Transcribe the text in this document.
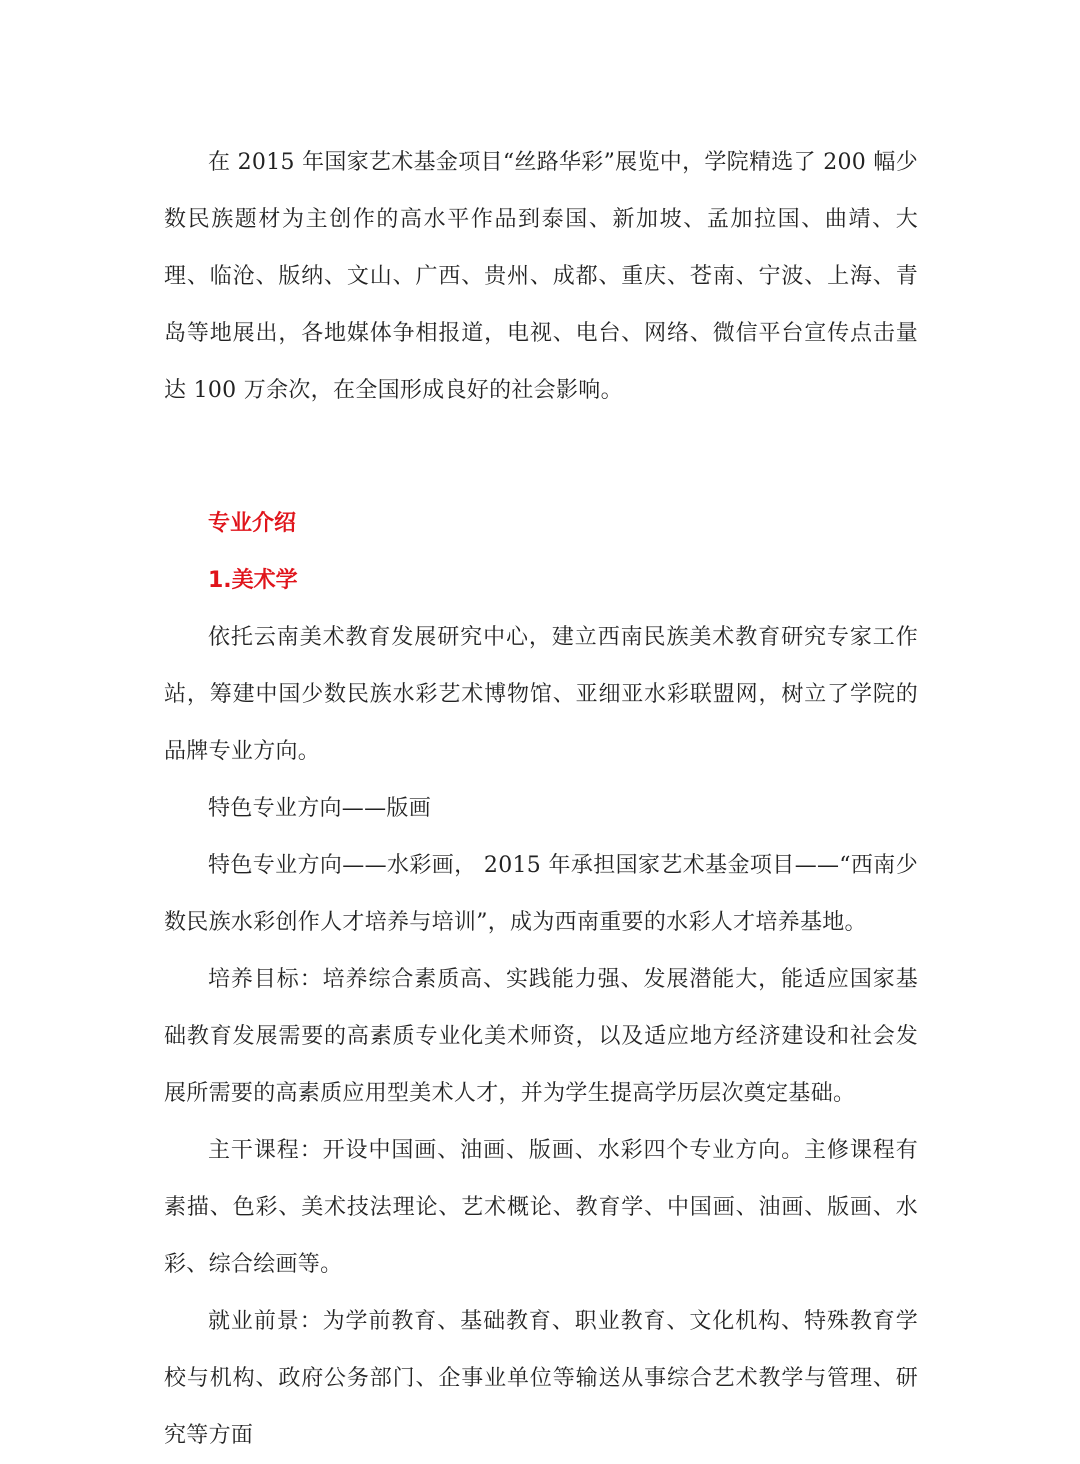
在 2015 年国家艺术基金项目“丝路华彩”展览中，学院精选了 200 幅少数民族题材为主创作的高水平作品到泰国、新加坡、孟加拉国、曲靖、大理、临沧、版纳、文山、广西、贵州、成都、重庆、苍南、宁波、上海、青岛等地展出，各地媒体争相报道，电视、电台、网络、微信平台宣传点击量达 100 万余次，在全国形成良好的社会影响。

专业介绍

1.美术学

依托云南美术教育发展研究中心，建立西南民族美术教育研究专家工作站，筹建中国少数民族水彩艺术博物馆、亚细亚水彩联盟网，树立了学院的品牌专业方向。

特色专业方向——版画

特色专业方向——水彩画， 2015 年承担国家艺术基金项目——“西南少数民族水彩创作人才培养与培训”，成为西南重要的水彩人才培养基地。

培养目标：培养综合素质高、实践能力强、发展潜能大，能适应国家基础教育发展需要的高素质专业化美术师资，以及适应地方经济建设和社会发展所需要的高素质应用型美术人才，并为学生提高学历层次奠定基础。

主干课程：开设中国画、油画、版画、水彩四个专业方向。主修课程有素描、色彩、美术技法理论、艺术概论、教育学、中国画、油画、版画、水彩、综合绘画等。

就业前景：为学前教育、基础教育、职业教育、文化机构、特殊教育学校与机构、政府公务部门、企事业单位等输送从事综合艺术教学与管理、研究等方面
